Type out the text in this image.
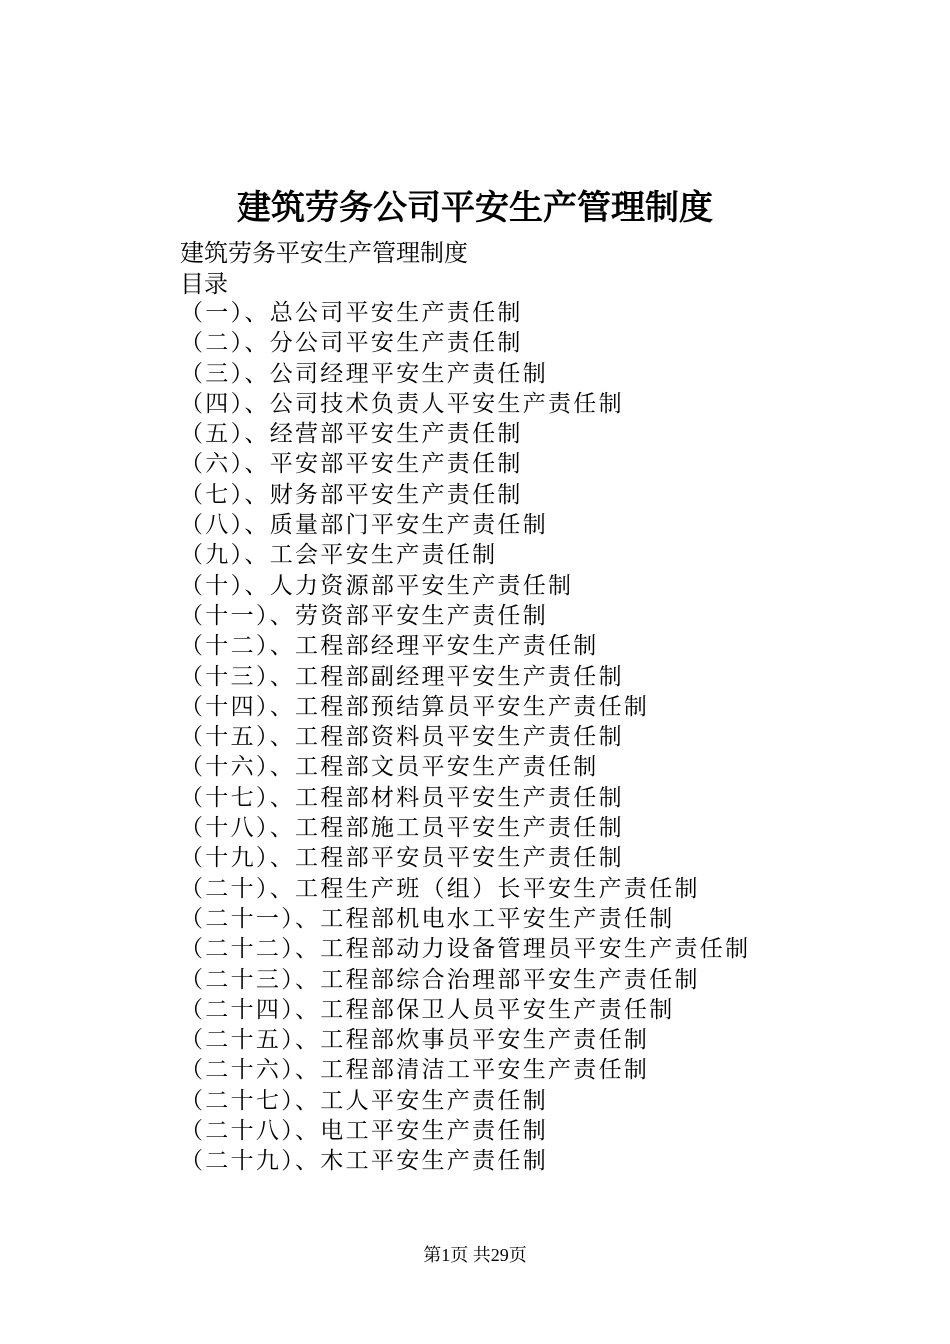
建筑劳务公司平安生产管理制度
建筑劳务平安生产管理制度
目录
（一）、总公司平安生产责任制
（二）、分公司平安生产责任制
（三）、公司经理平安生产责任制
（四）、公司技术负责人平安生产责任制
（五）、经营部平安生产责任制
（六）、平安部平安生产责任制
（七）、财务部平安生产责任制
（八）、质量部门平安生产责任制
（九）、工会平安生产责任制
（十）、人力资源部平安生产责任制
（十一）、劳资部平安生产责任制
（十二）、工程部经理平安生产责任制
（十三）、工程部副经理平安生产责任制
（十四）、工程部预结算员平安生产责任制
（十五）、工程部资料员平安生产责任制
（十六）、工程部文员平安生产责任制
（十七）、工程部材料员平安生产责任制
（十八）、工程部施工员平安生产责任制
（十九）、工程部平安员平安生产责任制
（二十）、工程生产班（组）长平安生产责任制
（二十一）、工程部机电水工平安生产责任制
（二十二）、工程部动力设备管理员平安生产责任制
（二十三）、工程部综合治理部平安生产责任制
（二十四）、工程部保卫人员平安生产责任制
（二十五）、工程部炊事员平安生产责任制
（二十六）、工程部清洁工平安生产责任制
（二十七）、工人平安生产责任制
（二十八）、电工平安生产责任制
（二十九）、木工平安生产责任制
第1页 共29页
